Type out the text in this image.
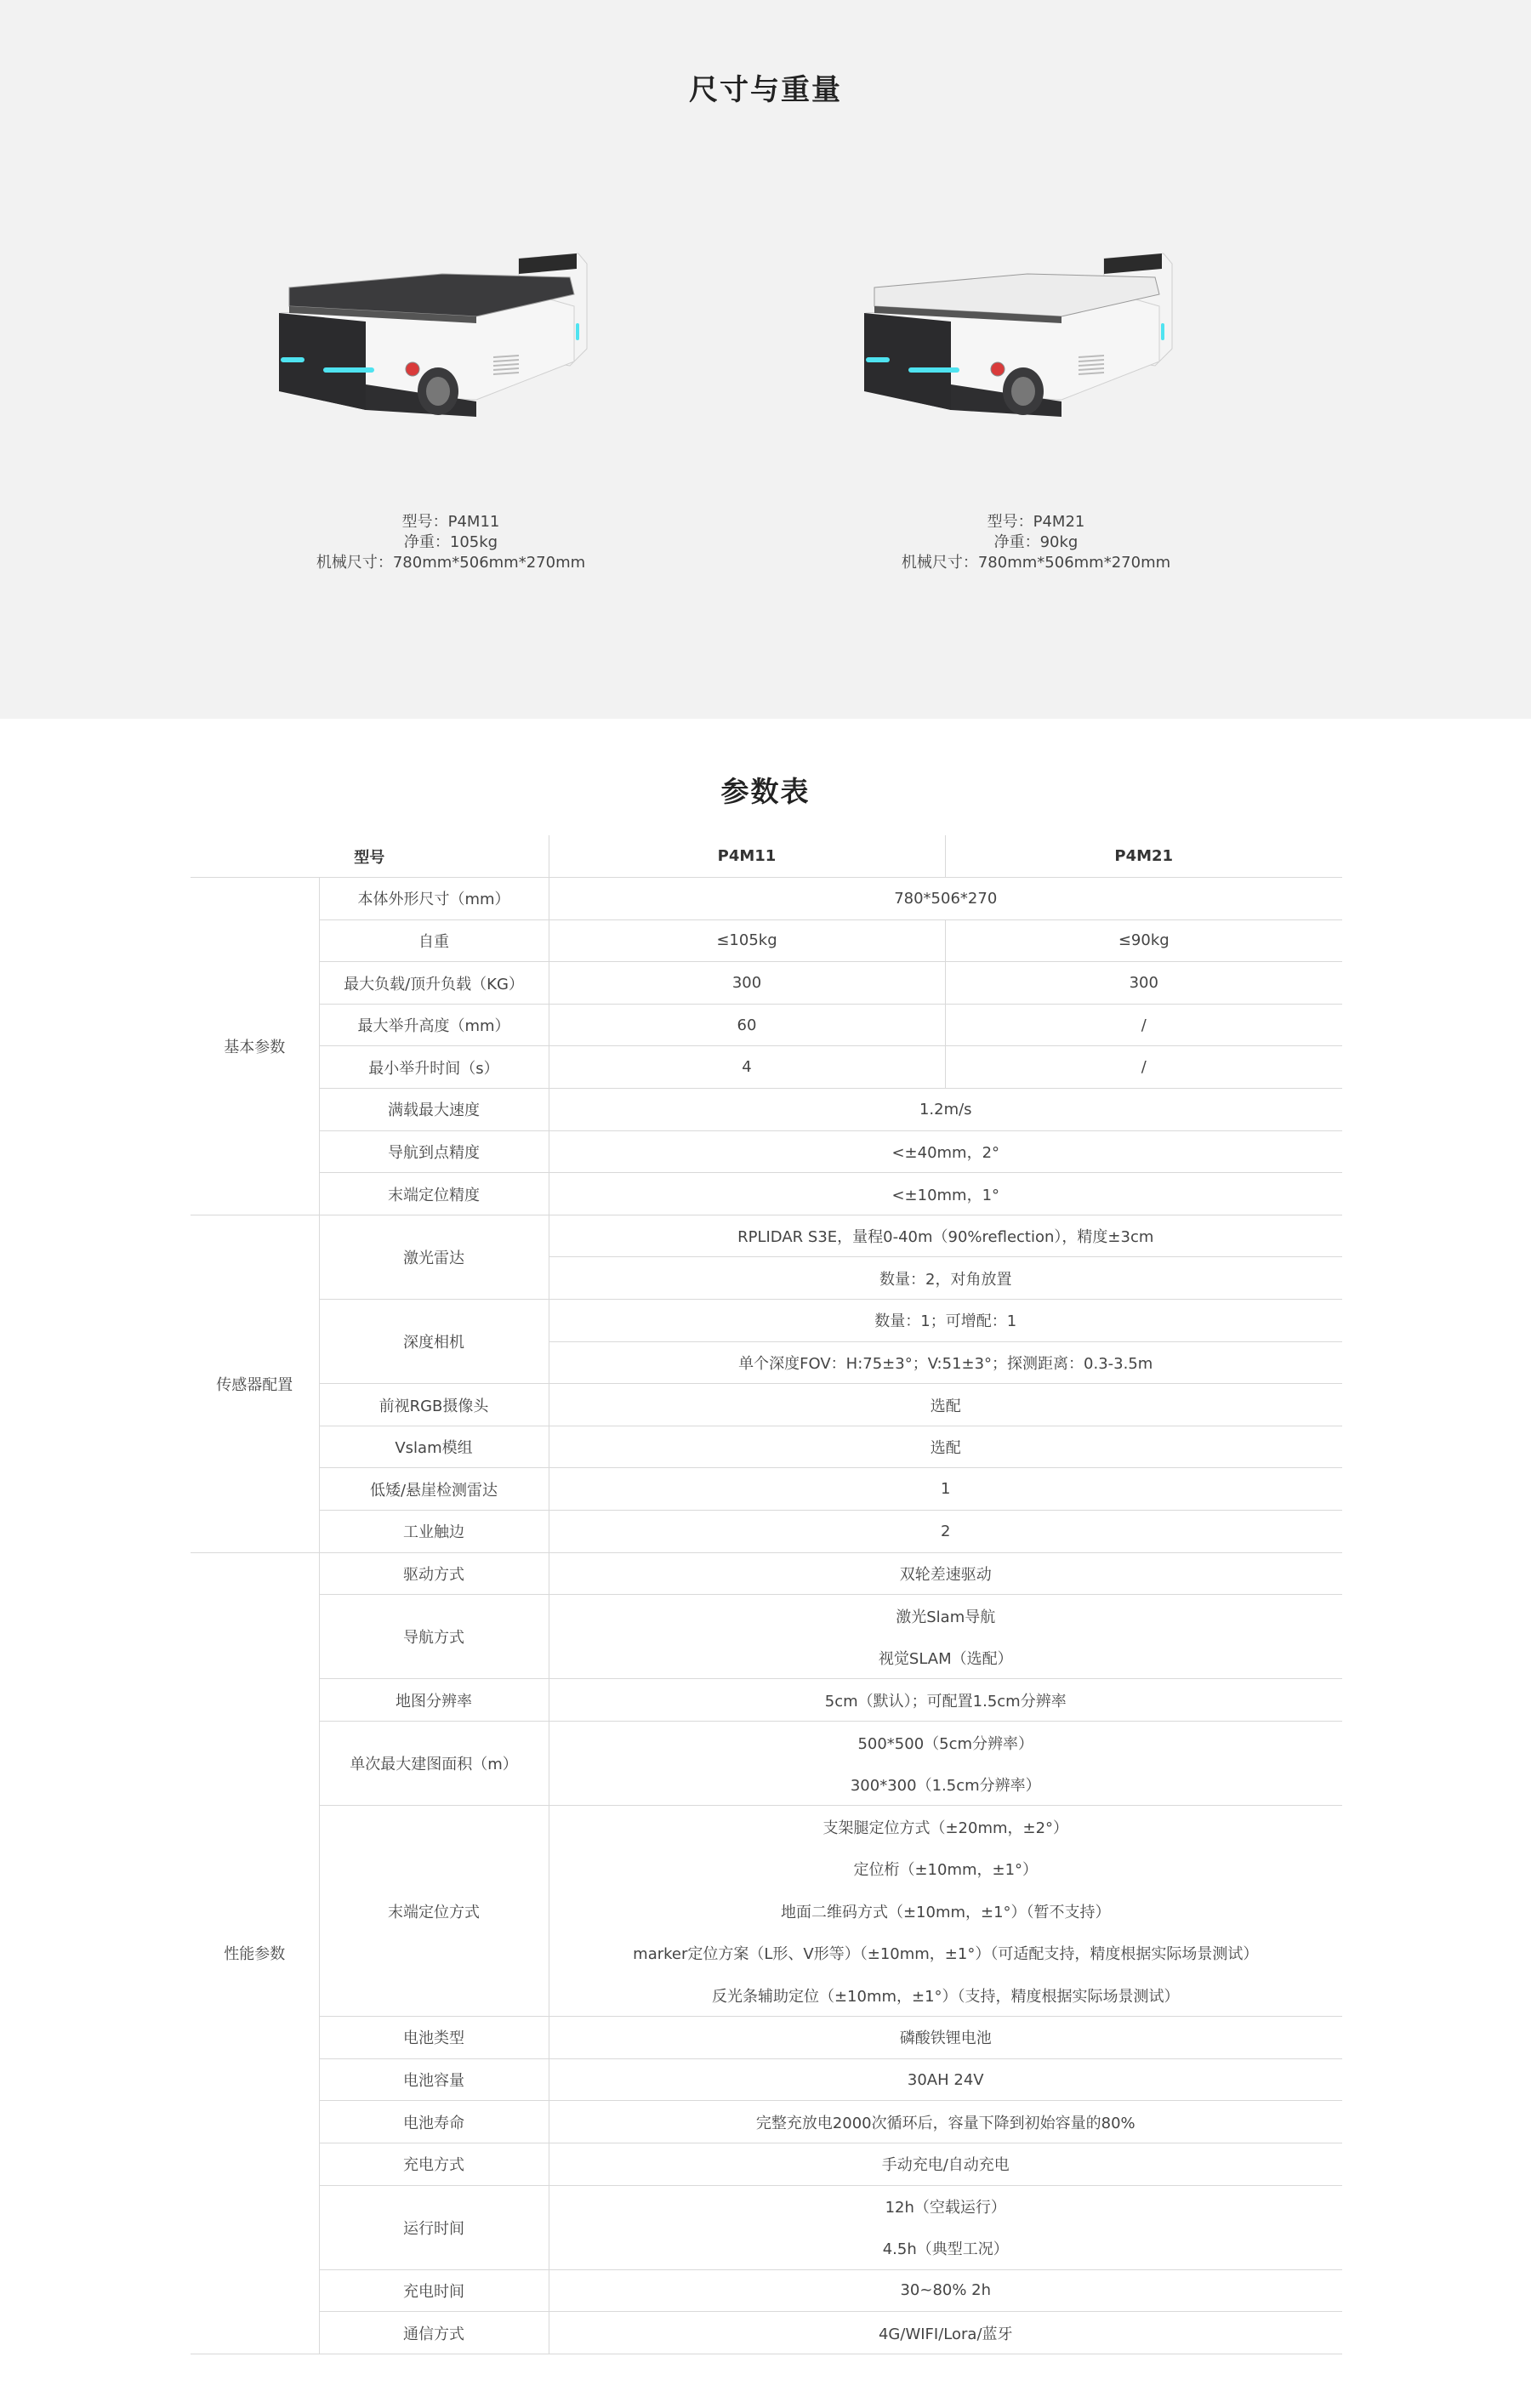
尺寸与重量
型号：P4M11
净重：105kg
机械尺寸：780mm*506mm*270mm
型号：P4M21
净重：90kg
机械尺寸：780mm*506mm*270mm
参数表
型号		P4M11	P4M21
基本参数	本体外形尺寸（mm）	780*506*270	
	自重	≤105kg	≤90kg
	最大负载/顶升负载（KG）	300	300
	最大举升高度（mm）	60	/
	最小举升时间（s）	4	/
	满载最大速度	1.2m/s	
	导航到点精度	<±40mm，2°	
	末端定位精度	<±10mm，1°	
传感器配置	激光雷达	RPLIDAR S3E，量程0-40m（90%reflection），精度±3cm	
		数量：2，对角放置	
	深度相机	数量：1；可增配：1	
		单个深度FOV：H:75±3°；V:51±3°；探测距离：0.3-3.5m	
	前视RGB摄像头	选配	
	Vslam模组	选配	
	低矮/悬崖检测雷达	1	
	工业触边	2	
性能参数	驱动方式	双轮差速驱动	
	导航方式	激光Slam导航	
		视觉SLAM（选配）	
	地图分辨率	5cm（默认）；可配置1.5cm分辨率	
	单次最大建图面积（m）	500*500（5cm分辨率）	
		300*300（1.5cm分辨率）	
	末端定位方式	支架腿定位方式（±20mm，±2°）	
		定位桁（±10mm，±1°）	
		地面二维码方式（±10mm，±1°）（暂不支持）	
		marker定位方案（L形、V形等）（±10mm，±1°）（可适配支持，精度根据实际场景测试）	
		反光条辅助定位（±10mm，±1°）（支持，精度根据实际场景测试）	
	电池类型	磷酸铁锂电池	
	电池容量	30AH 24V	
	电池寿命	完整充放电2000次循环后，容量下降到初始容量的80%	
	充电方式	手动充电/自动充电	
	运行时间	12h（空载运行）	
		4.5h（典型工况）	
	充电时间	30~80% 2h	
	通信方式	4G/WIFI/Lora/蓝牙	
